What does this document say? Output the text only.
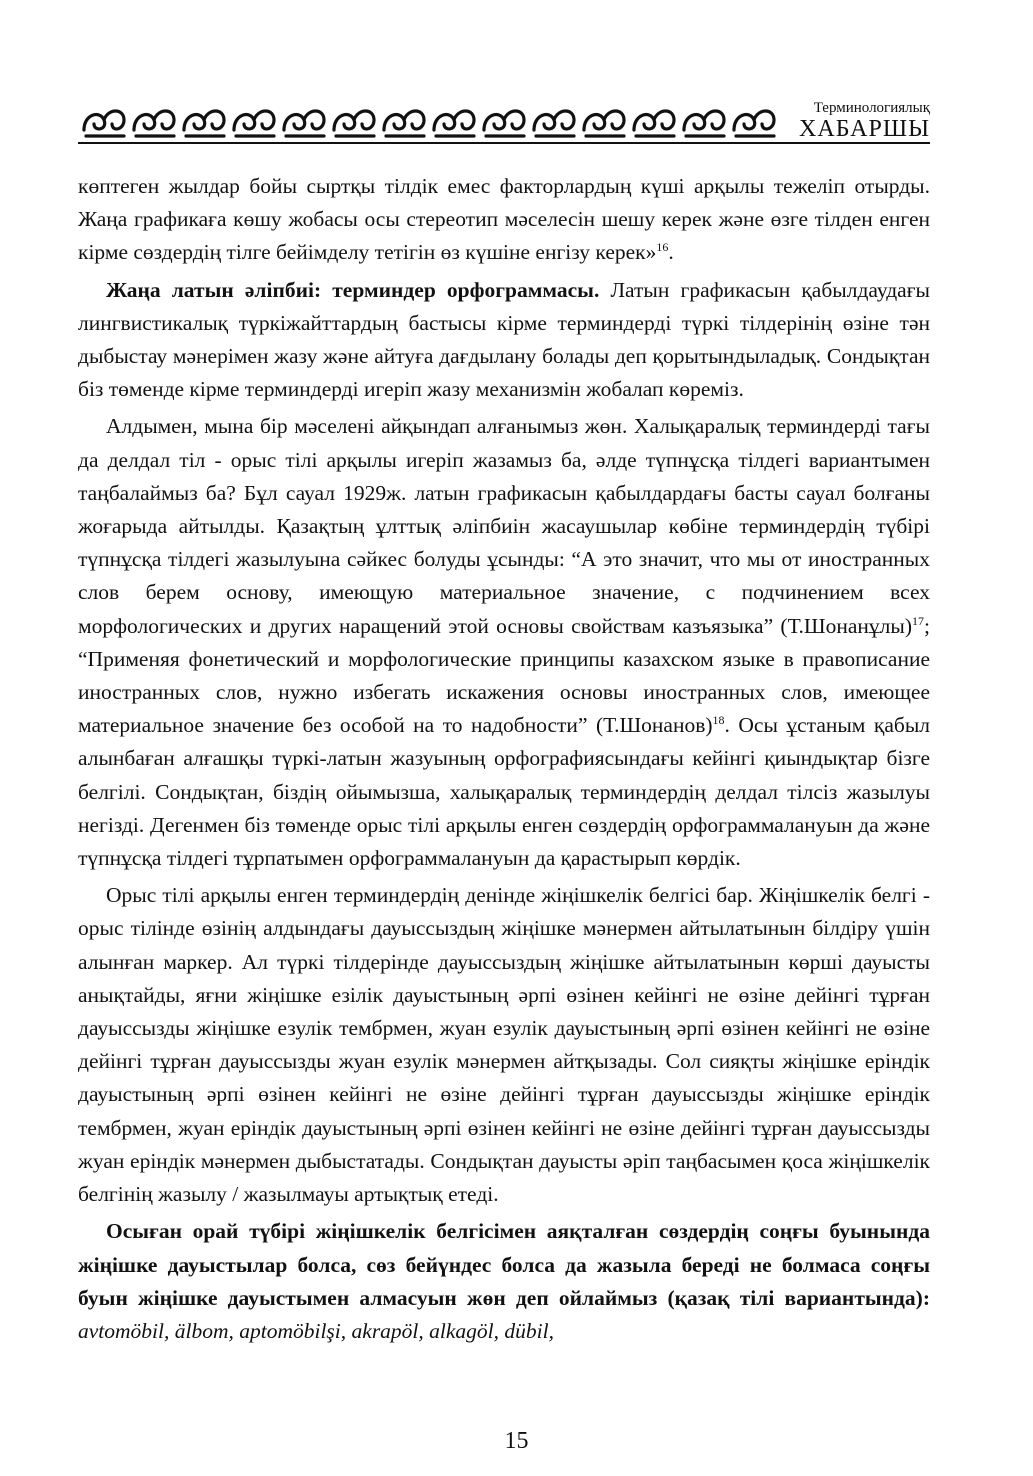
Терминологиялық
ХАБАРШЫ

көптеген жылдар бойы сыртқы тілдік емес факторлардың күші арқылы тежеліп отырды. Жаңа графикаға көшу жобасы осы стереотип мәселесін шешу керек және өзге тілден енген кірме сөздердің тілге бейімделу тетігін өз күшіне енгізу керек»$^{16}$.

Жаңа латын әліпбиі: терминдер орфограммасы. Латын графикасын қабылдаудағы лингвистикалық түркіжайттардың бастысы кірме терминдерді түркі тілдерінің өзіне тән дыбыстау мәнерімен жазу және айтуға дағдылану болады деп қорытындыладық. Сондықтан біз төменде кірме терминдерді игеріп жазу механизмін жобалап көреміз.

Алдымен, мына бір мәселені айқындап алғанымыз жөн. Халықаралық терминдерді тағы да делдал тіл - орыс тілі арқылы игеріп жазамыз ба, әлде түпнұсқа тілдегі вариантымен таңбалаймыз ба? Бұл сауал 1929ж. латын графикасын қабылдардағы басты сауал болғаны жоғарыда айтылды. Қазақтың ұлттық әліпбиін жасаушылар көбіне терминдердің түбірі түпнұсқа тілдегі жазылуына сәйкес болуды ұсынды: “А это значит, что мы от иностранных слов берем основу, имеющую материальное значение, с подчинением всех морфологических и других наращений этой основы свойствам казъязыка” (Т.Шонанұлы)$^{17}$; “Применяя фонетический и морфологические принципы казахском языке в правописание иностранных слов, нужно избегать искажения основы иностранных слов, имеющее материальное значение без особой на то надобности” (Т.Шонанов)$^{18}$. Осы ұстаным қабыл алынбаған алғашқы түркі-латын жазуының орфографиясындағы кейінгі қиындықтар бізге белгілі. Сондықтан, біздің ойымызша, халықаралық терминдердің делдал тілсіз жазылуы негізді. Дегенмен біз төменде орыс тілі арқылы енген сөздердің орфограммалануын да және түпнұсқа тілдегі тұрпатымен орфограммалануын да қарастырып көрдік.

Орыс тілі арқылы енген терминдердің денінде жіңішкелік белгісі бар. Жіңішкелік белгі - орыс тілінде өзінің алдындағы дауыссыздың жіңішке мәнермен айтылатынын білдіру үшін алынған маркер. Ал түркі тілдерінде дауыссыздың жіңішке айтылатынын көрші дауысты анықтайды, яғни жіңішке езілік дауыстының әрпі өзінен кейінгі не өзіне дейінгі тұрған дауыссызды жіңішке езулік тембрмен, жуан езулік дауыстының әрпі өзінен кейінгі не өзіне дейінгі тұрған дауыссызды жуан езулік мәнермен айтқызады. Сол сияқты жіңішке еріндік дауыстының әрпі өзінен кейінгі не өзіне дейінгі тұрған дауыссызды жіңішке еріндік тембрмен, жуан еріндік дауыстының әрпі өзінен кейінгі не өзіне дейінгі тұрған дауыссызды жуан еріндік мәнермен дыбыстатады. Сондықтан дауысты әріп таңбасымен қоса жіңішкелік белгінің жазылу / жазылмауы артықтық етеді.

Осыған орай түбірі жіңішкелік белгісімен аяқталған сөздердің соңғы буынында жіңішке дауыстылар болса, сөз бейүндес болса да жазыла береді не болмаса соңғы буын жіңішке дауыстымен алмасуын жөн деп ойлаймыз (қазақ тілі вариантында): avtomöbil, älbom, aptomöbilşi, akrapöl, alkagöl, dübil,

15
